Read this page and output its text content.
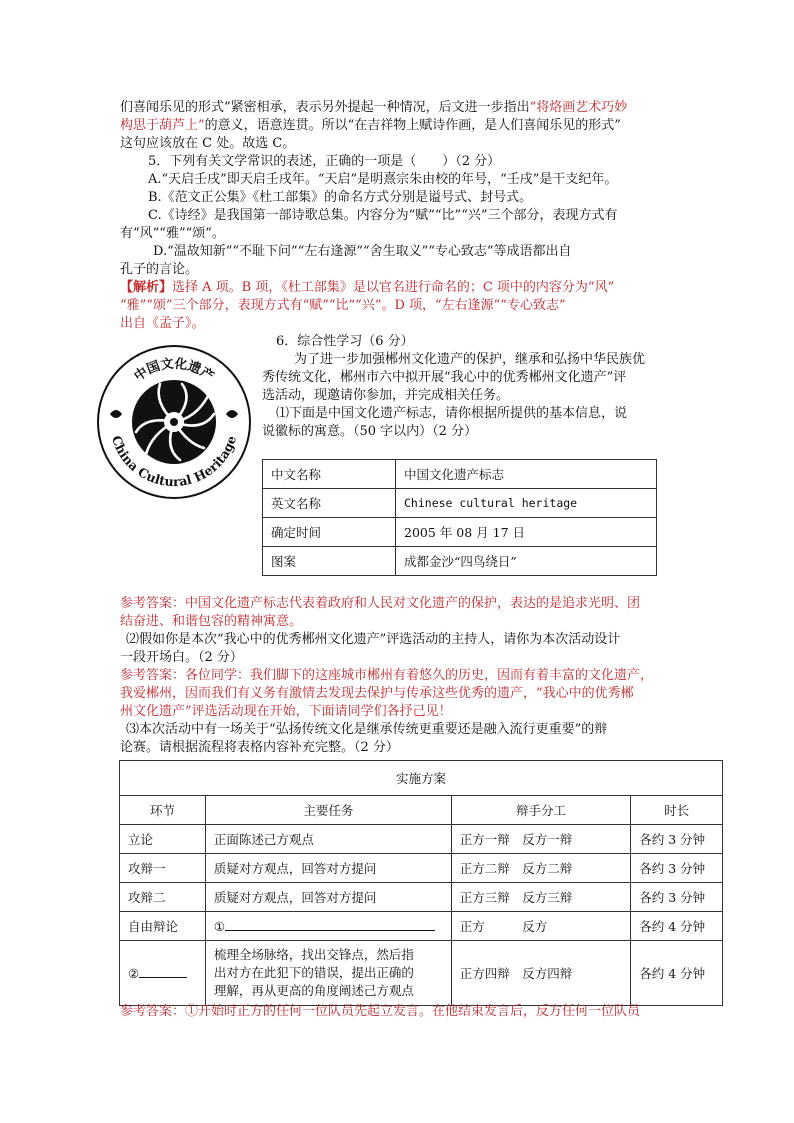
们喜闻乐见的形式”紧密相承，表示另外提起一种情况，后文进一步指出“将烙画艺术巧妙
构思于葫芦上”的意义，语意连贯。所以“在吉祥物上赋诗作画，是人们喜闻乐见的形式”
这句应该放在 C 处。故选 C。
5．下列有关文学常识的表述，正确的一项是（　　）（2 分）
A.“天启壬戌”即天启壬戌年。“天启”是明熹宗朱由校的年号，“壬戌”是干支纪年。
B.《范文正公集》《杜工部集》的命名方式分别是谥号式、封号式。
C.《诗经》是我国第一部诗歌总集。内容分为“赋”“比”“兴”三个部分，表现方式有
有“风”“雅”“颂”。
D.“温故知新”“不耻下问”“左右逢源”“舍生取义”“专心致志”等成语都出自
孔子的言论。
【解析】选择 A 项。B 项，《杜工部集》是以官名进行命名的；C 项中的内容分为“风”
“雅”“颂”三个部分，表现方式有“赋”“比”“兴”。D 项，“左右逢源”“专心致志”
出自《孟子》。
6．综合性学习（6 分）
为了进一步加强郴州文化遗产的保护，继承和弘扬中华民族优
秀传统文化，郴州市六中拟开展“我心中的优秀郴州文化遗产”评
选活动，现邀请你参加，并完成相关任务。
⑴下面是中国文化遗产标志，请你根据所提供的基本信息，说
说徽标的寓意。（50 字以内）（2 分）
中国文化遗产
China Cultural Heritage
中文名称	中国文化遗产标志
英文名称	Chinese cultural heritage
确定时间	2005 年 08 月 17 日
图案	成都金沙“四鸟绕日”
参考答案：中国文化遗产标志代表着政府和人民对文化遗产的保护，表达的是追求光明、团
结奋进、和谐包容的精神寓意。
⑵假如你是本次“我心中的优秀郴州文化遗产”评选活动的主持人，请你为本次活动设计
一段开场白。（2 分）
参考答案：各位同学：我们脚下的这座城市郴州有着悠久的历史，因而有着丰富的文化遗产，
我爱郴州，因而我们有义务有激情去发现去保护与传承这些优秀的遗产，“我心中的优秀郴
州文化遗产”评选活动现在开始，下面请同学们各抒己见！
⑶本次活动中有一场关于“弘扬传统文化是继承传统更重要还是融入流行更重要”的辩
论赛。请根据流程将表格内容补充完整。（2 分）
实施方案			
环节	主要任务	辩手分工	时长
立论	正面陈述己方观点	正方一辩　反方一辩	各约 3 分钟
攻辩一	质疑对方观点，回答对方提问	正方二辩　反方二辩	各约 3 分钟
攻辩二	质疑对方观点，回答对方提问	正方三辩　反方三辩	各约 3 分钟
自由辩论	①	正方　　　反方	各约 4 分钟
②	梳理全场脉络，找出交锋点，然后指
出对方在此犯下的错误，提出正确的
理解，再从更高的角度阐述己方观点	正方四辩　反方四辩	各约 4 分钟
参考答案：①开始时正方的任何一位队员先起立发言。在他结束发言后，反方任何一位队员
